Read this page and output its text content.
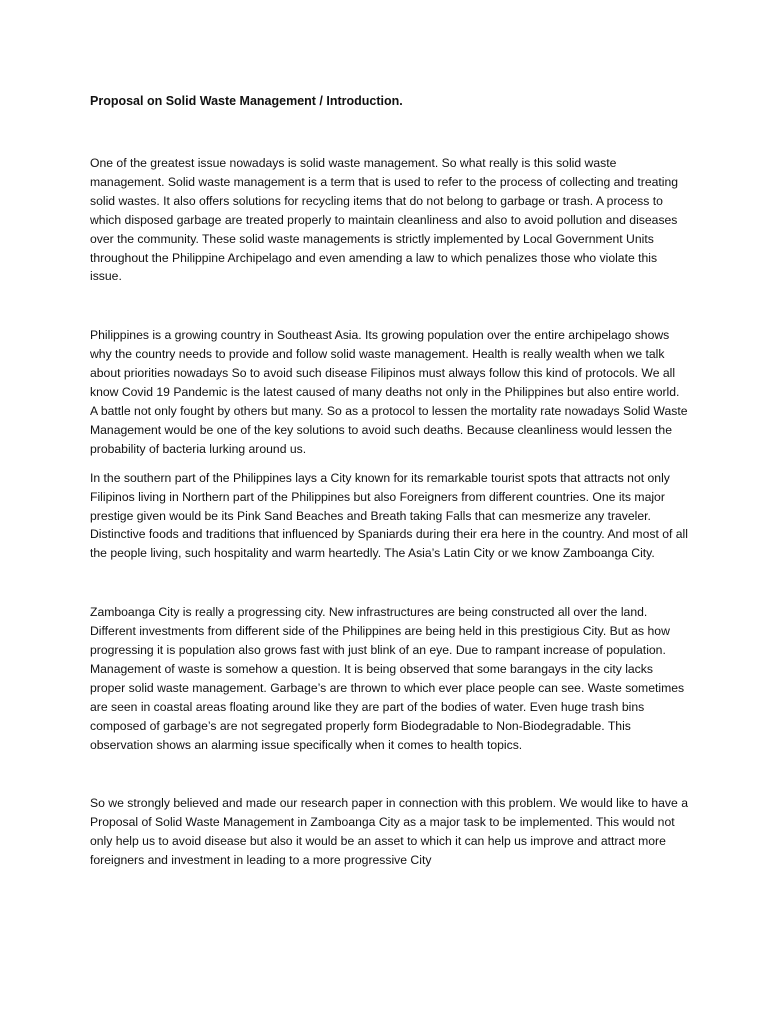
Proposal on Solid Waste Management / Introduction.

One of the greatest issue nowadays is solid waste management. So what really is this solid waste management. Solid waste management is a term that is used to refer to the process of collecting and treating solid wastes. It also offers solutions for recycling items that do not belong to garbage or trash. A process to which disposed garbage are treated properly to maintain cleanliness and also to avoid pollution and diseases over the community. These solid waste managements is strictly implemented by Local Government Units throughout the Philippine Archipelago and even amending a law to which penalizes those who violate this issue.

Philippines is a growing country in Southeast Asia. Its growing population over the entire archipelago shows why the country needs to provide and follow solid waste management. Health is really wealth when we talk about priorities nowadays So to avoid such disease Filipinos must always follow this kind of protocols. We all know Covid 19 Pandemic is the latest caused of many deaths not only in the Philippines but also entire world. A battle not only fought by others but many. So as a protocol to lessen the mortality rate nowadays Solid Waste Management would be one of the key solutions to avoid such deaths. Because cleanliness would lessen the probability of bacteria lurking around us.

In the southern part of the Philippines lays a City known for its remarkable tourist spots that attracts not only Filipinos living in Northern part of the Philippines but also Foreigners from different countries. One its major prestige given would be its Pink Sand Beaches and Breath taking Falls that can mesmerize any traveler. Distinctive foods and traditions that influenced by Spaniards during their era here in the country. And most of all the people living, such hospitality and warm heartedly. The Asia’s Latin City or we know Zamboanga City.

Zamboanga City is really a progressing city. New infrastructures are being constructed all over the land. Different investments from different side of the Philippines are being held in this prestigious City. But as how progressing it is population also grows fast with just blink of an eye. Due to rampant increase of population. Management of waste is somehow a question. It is being observed that some barangays in the city lacks proper solid waste management. Garbage’s are thrown to which ever place people can see. Waste sometimes are seen in coastal areas floating around like they are part of the bodies of water. Even huge trash bins composed of garbage’s are not segregated properly form Biodegradable to Non-Biodegradable. This observation shows an alarming issue specifically when it comes to health topics.

So we strongly believed and made our research paper in connection with this problem. We would like to have a Proposal of Solid Waste Management in Zamboanga City as a major task to be implemented. This would not only help us to avoid disease but also it would be an asset to which it can help us improve and attract more foreigners and investment in leading to a more progressive City
